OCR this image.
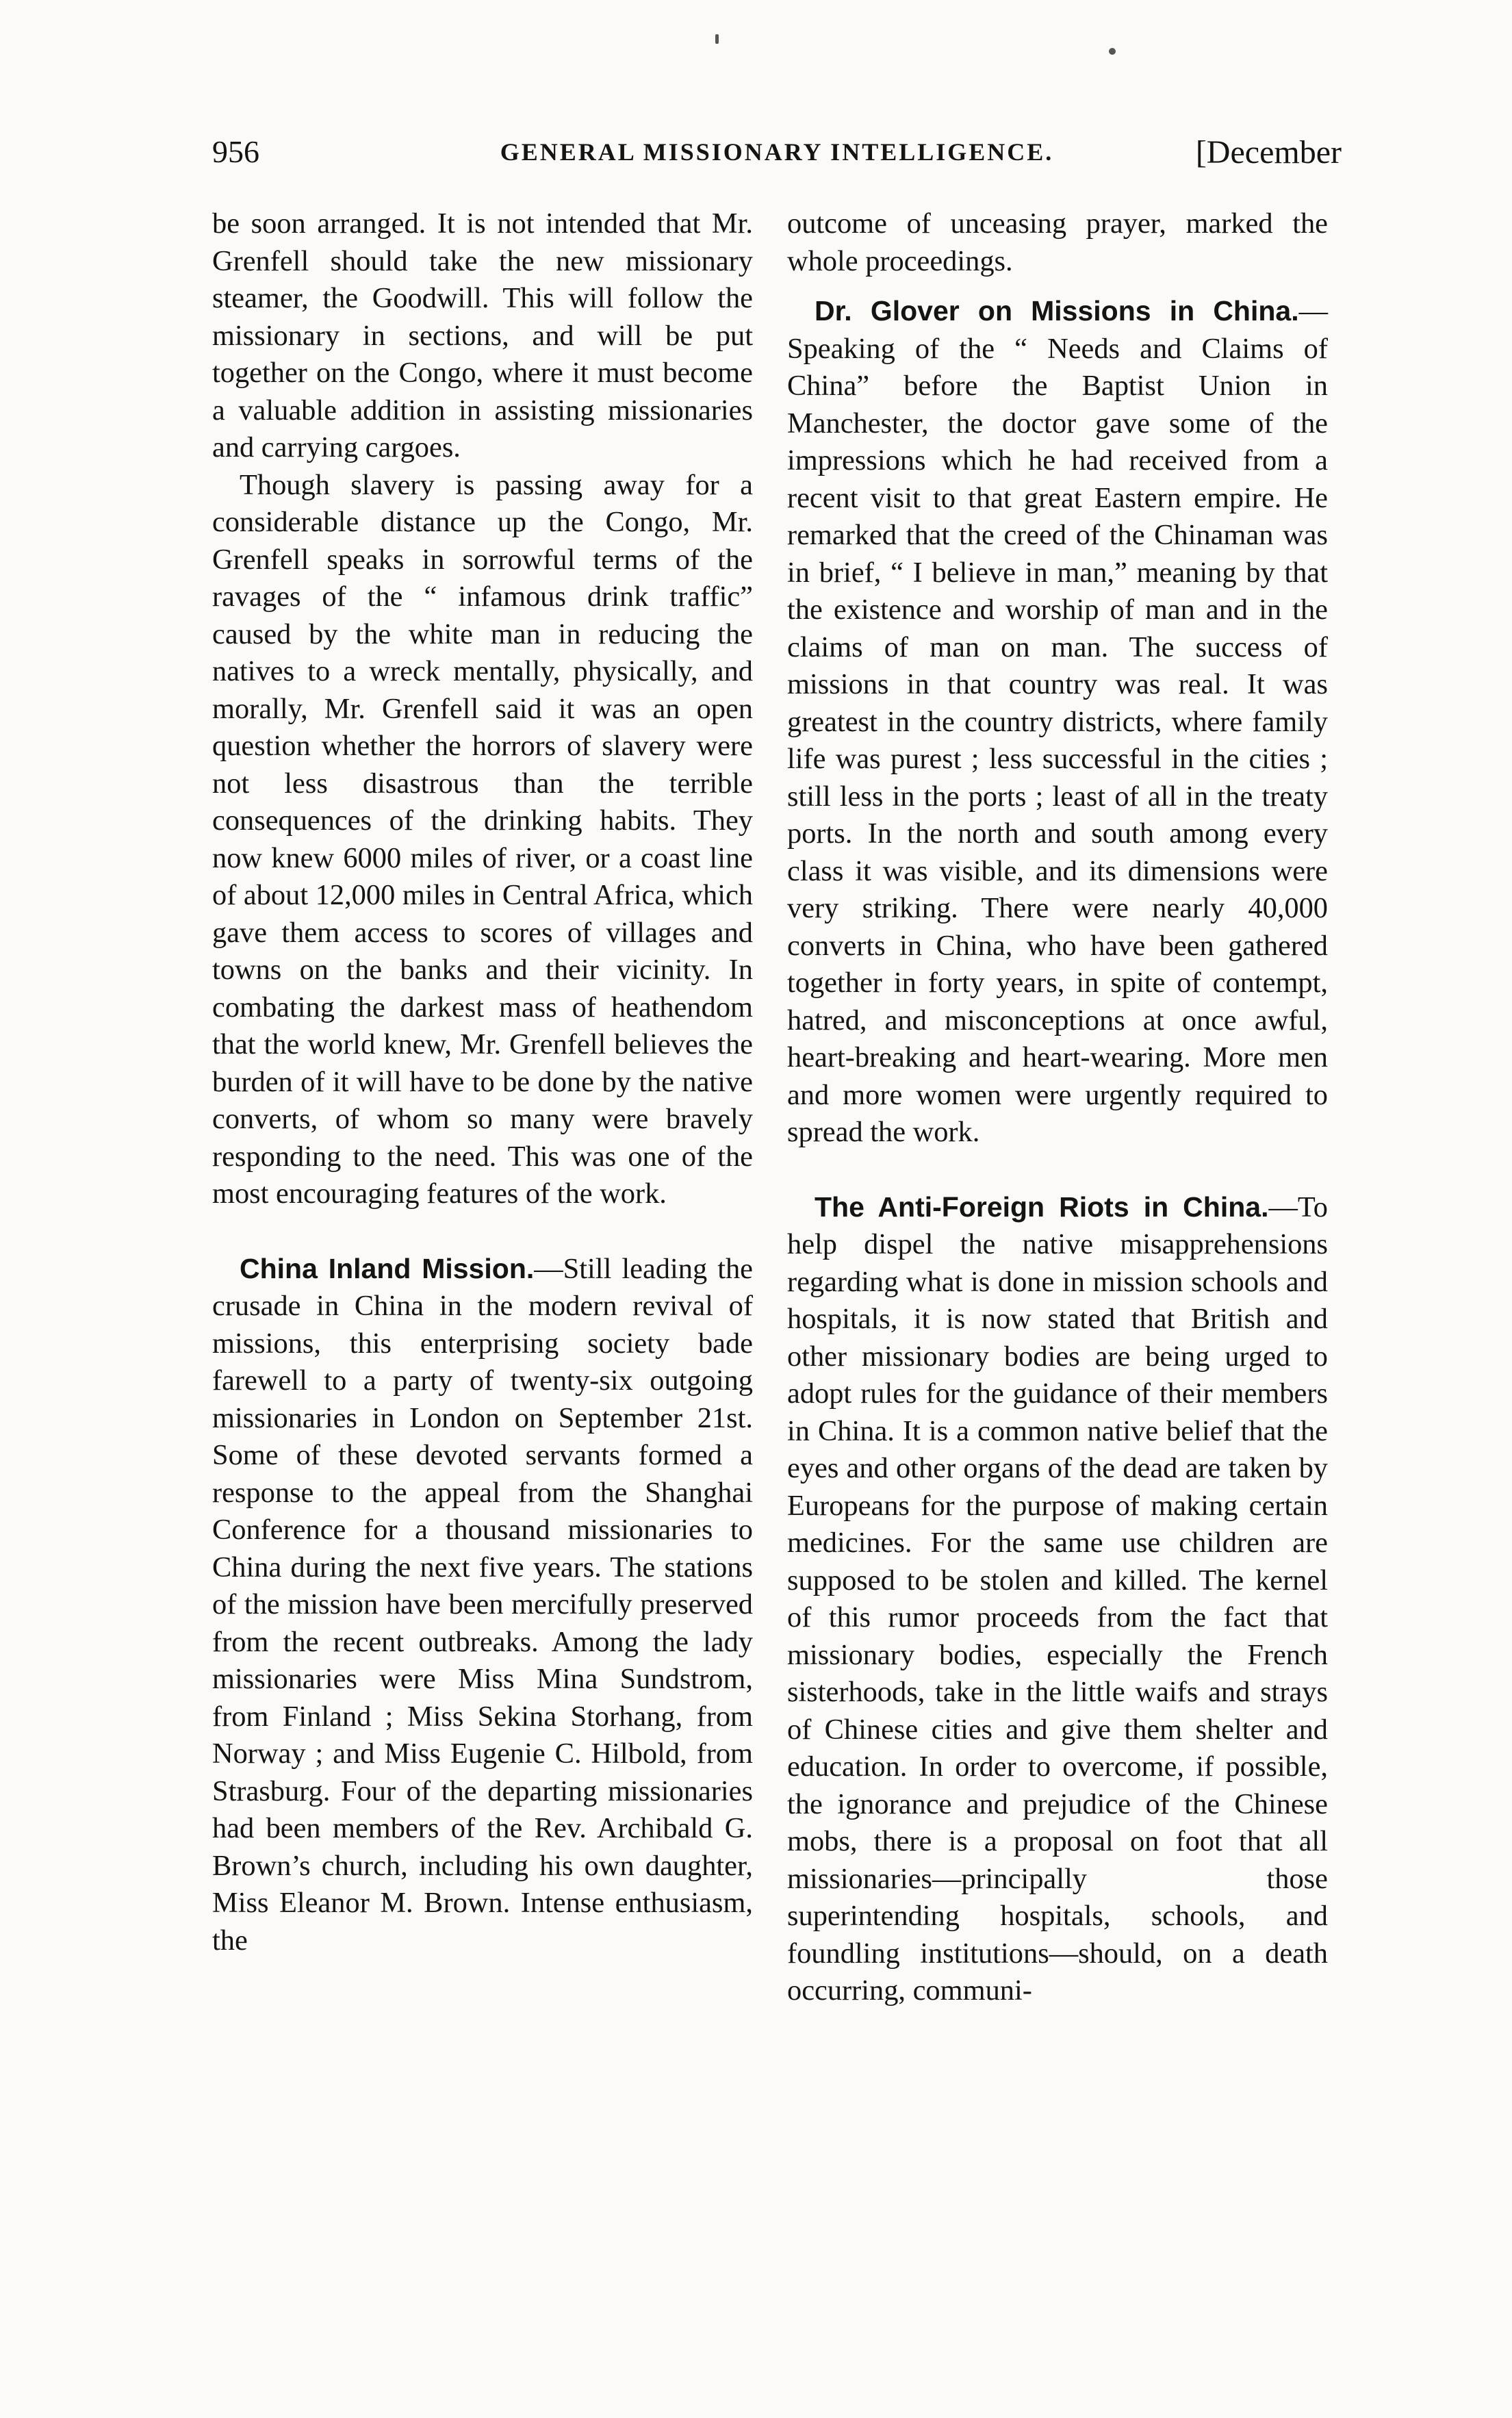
956	GENERAL MISSIONARY INTELLIGENCE.	[December

be soon arranged. It is not intended that Mr. Grenfell should take the new missionary steamer, the Goodwill. This will follow the missionary in sections, and will be put together on the Congo, where it must become a valuable addition in assisting missionaries and carrying cargoes.

Though slavery is passing away for a considerable distance up the Congo, Mr. Grenfell speaks in sorrowful terms of the ravages of the “ infamous drink traffic” caused by the white man in reducing the natives to a wreck mentally, physically, and morally, Mr. Grenfell said it was an open question whether the horrors of slavery were not less disastrous than the terrible consequences of the drinking habits. They now knew 6000 miles of river, or a coast line of about 12,000 miles in Central Africa, which gave them access to scores of villages and towns on the banks and their vicinity. In combating the darkest mass of heathendom that the world knew, Mr. Grenfell believes the burden of it will have to be done by the native converts, of whom so many were bravely responding to the need. This was one of the most encouraging features of the work.

China Inland Mission.—Still leading the crusade in China in the modern revival of missions, this enterprising society bade farewell to a party of twenty-six outgoing missionaries in London on September 21st. Some of these devoted servants formed a response to the appeal from the Shanghai Conference for a thousand missionaries to China during the next five years. The stations of the mission have been mercifully preserved from the recent outbreaks. Among the lady missionaries were Miss Mina Sundstrom, from Finland ; Miss Sekina Storhang, from Norway ; and Miss Eugenie C. Hilbold, from Strasburg. Four of the departing missionaries had been members of the Rev. Archibald G. Brown’s church, including his own daughter, Miss Eleanor M. Brown. Intense enthusiasm, the

outcome of unceasing prayer, marked the whole proceedings.

Dr. Glover on Missions in China.—Speaking of the “ Needs and Claims of China” before the Baptist Union in Manchester, the doctor gave some of the impressions which he had received from a recent visit to that great Eastern empire. He remarked that the creed of the Chinaman was in brief, “ I believe in man,” meaning by that the existence and worship of man and in the claims of man on man. The success of missions in that country was real. It was greatest in the country districts, where family life was purest ; less successful in the cities ; still less in the ports ; least of all in the treaty ports. In the north and south among every class it was visible, and its dimensions were very striking. There were nearly 40,000 converts in China, who have been gathered together in forty years, in spite of contempt, hatred, and misconceptions at once awful, heart-breaking and heart-wearing. More men and more women were urgently required to spread the work.

The Anti-Foreign Riots in China.—To help dispel the native misapprehensions regarding what is done in mission schools and hospitals, it is now stated that British and other missionary bodies are being urged to adopt rules for the guidance of their members in China. It is a common native belief that the eyes and other organs of the dead are taken by Europeans for the purpose of making certain medicines. For the same use children are supposed to be stolen and killed. The kernel of this rumor proceeds from the fact that missionary bodies, especially the French sisterhoods, take in the little waifs and strays of Chinese cities and give them shelter and education. In order to overcome, if possible, the ignorance and prejudice of the Chinese mobs, there is a proposal on foot that all missionaries—principally those superintending hospitals, schools, and foundling institutions—should, on a death occurring, communi-
